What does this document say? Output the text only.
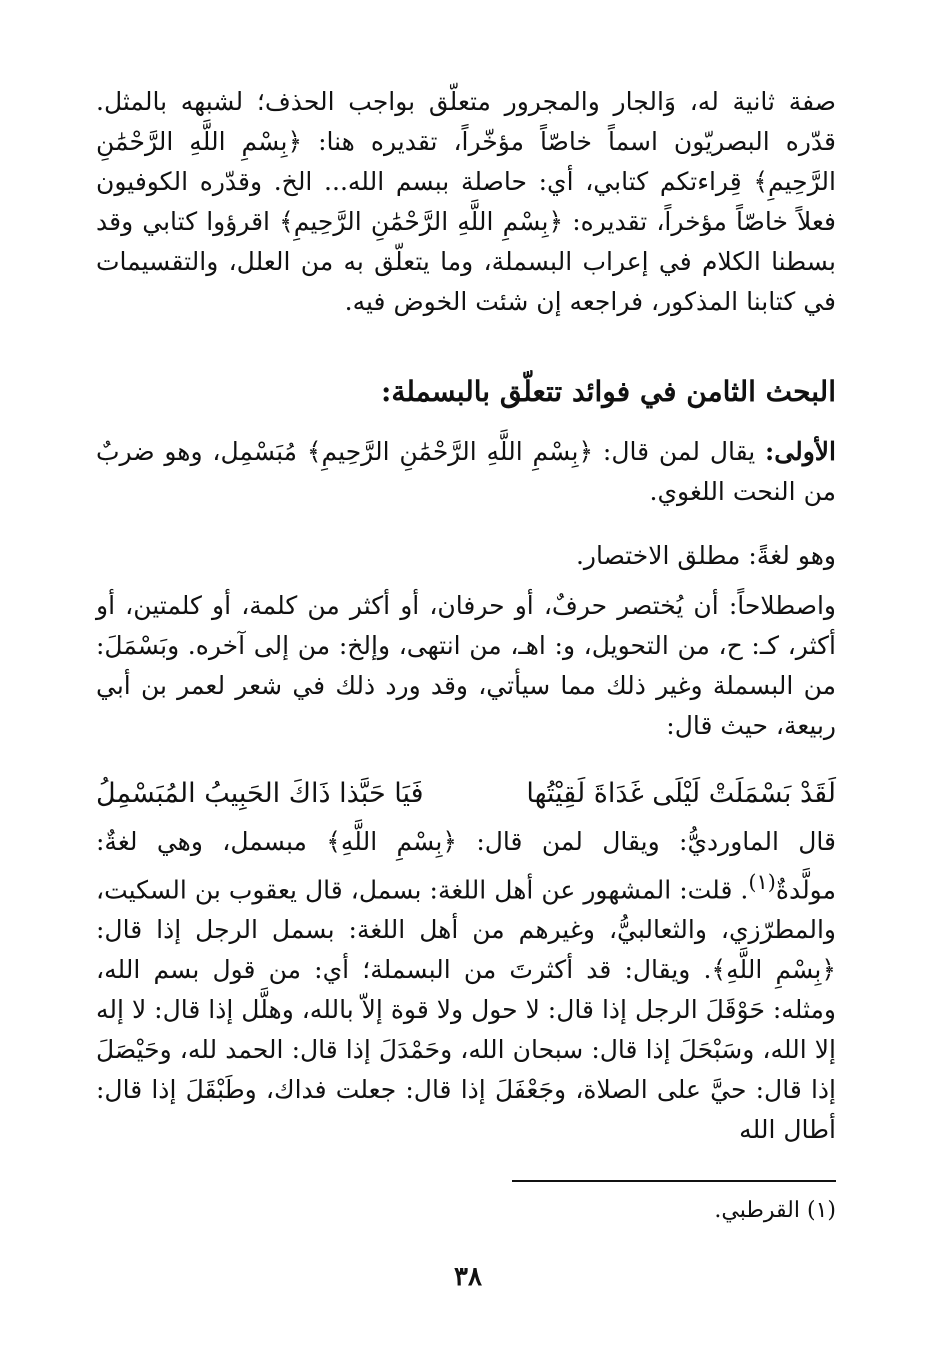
صفة ثانية له، وَالجار والمجرور متعلّق بواجب الحذف؛ لشبهه بالمثل. قدّره البصريّون اسماً خاصّاً مؤخّراً، تقديره هنا: ﴿بِسْمِ اللَّهِ الرَّحْمَٰنِ الرَّحِيمِ﴾ قِراءتكم كتابي، أي: حاصلة ببسم الله... الخ. وقدّره الكوفيون فعلاً خاصّاً مؤخراً، تقديره: ﴿بِسْمِ اللَّهِ الرَّحْمَٰنِ الرَّحِيمِ﴾ اقرؤوا كتابي وقد بسطنا الكلام في إعراب البسملة، وما يتعلّق به من العلل، والتقسيمات في كتابنا المذكور، فراجعه إن شئت الخوض فيه.

البحث الثامن في فوائد تتعلّق بالبسملة:

الأولى: يقال لمن قال: ﴿بِسْمِ اللَّهِ الرَّحْمَٰنِ الرَّحِيمِ﴾ مُبَسْمِل، وهو ضربٌ من النحت اللغوي.

وهو لغةً: مطلق الاختصار.

واصطلاحاً: أن يُختصر حرفٌ، أو حرفان، أو أكثر من كلمة، أو كلمتين، أو أكثر، كـ: ح، من التحويل، و: اهـ، من انتهى، وإلخ: من إلى آخره. وبَسْمَلَ: من البسملة وغير ذلك مما سيأتي، وقد ورد ذلك في شعر لعمر بن أبي ربيعة، حيث قال:

لَقَدْ بَسْمَلَتْ لَيْلَى غَدَاةَ لَقِيْتُها
فَيَا حَبَّذا ذَاكَ الحَبِيبُ المُبَسْمِلُ

قال الماورديُّ: ويقال لمن قال: ﴿بِسْمِ اللَّهِ﴾ مبسمل، وهي لغةٌ: مولَّدةٌ$^{(١)}$. قلت: المشهور عن أهل اللغة: بسمل، قال يعقوب بن السكيت، والمطرّزي، والثعالبيُّ، وغيرهم من أهل اللغة: بسمل الرجل إذا قال: ﴿بِسْمِ اللَّهِ﴾. ويقال: قد أكثرتَ من البسملة؛ أي: من قول بسم الله، ومثله: حَوْقَلَ الرجل إذا قال: لا حول ولا قوة إلاّ بالله، وهلَّل إذا قال: لا إله إلا الله، وسَبْحَلَ إذا قال: سبحان الله، وحَمْدَلَ إذا قال: الحمد لله، وحَيْصَلَ إذا قال: حيَّ على الصلاة، وجَعْفَلَ إذا قال: جعلت فداك، وطَبْقَلَ إذا قال: أطال الله

(١) القرطبي.

٣٨
